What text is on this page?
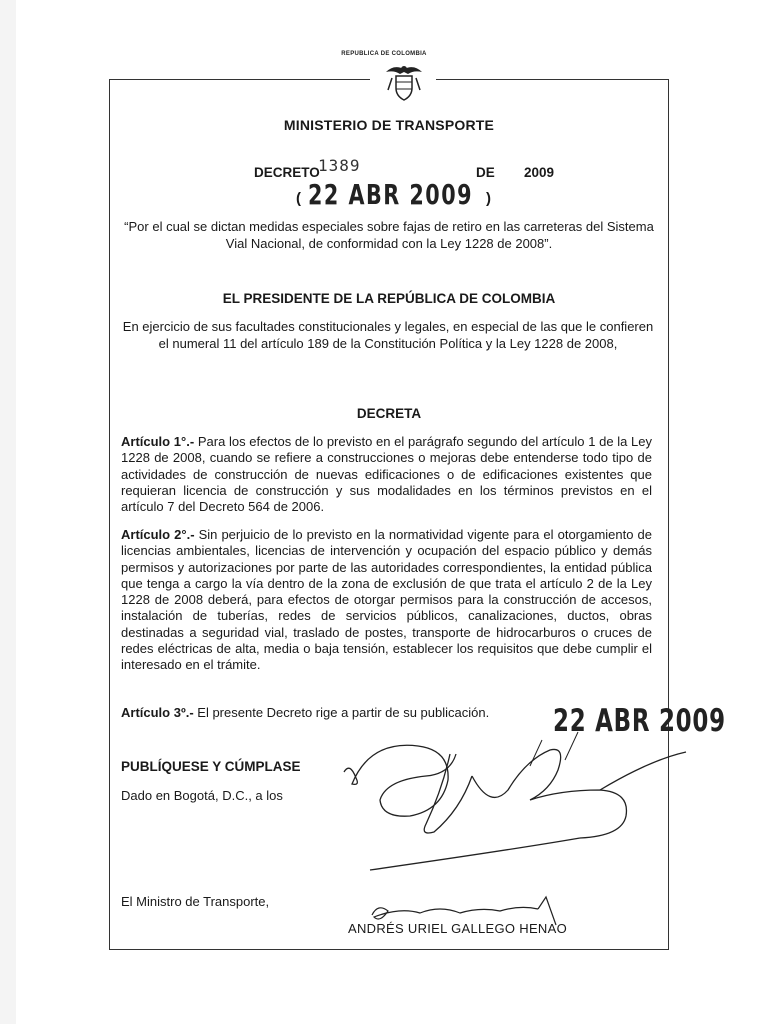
REPUBLICA DE COLOMBIA
MINISTERIO DE TRANSPORTE
DECRETO
1389	DE 2009
( 22 ABR 2009 )
“Por el cual se dictan medidas especiales sobre fajas de retiro en las carreteras del Sistema Vial Nacional, de conformidad con la Ley 1228 de 2008”.
EL PRESIDENTE DE LA REPÚBLICA DE COLOMBIA
En ejercicio de sus facultades constitucionales y legales, en especial de las que le confieren el numeral 11 del artículo 189 de la Constitución Política y la Ley 1228 de 2008,
DECRETA
Artículo 1°.- Para los efectos de lo previsto en el parágrafo segundo del artículo 1 de la Ley 1228 de 2008, cuando se refiere a construcciones o mejoras debe entenderse todo tipo de actividades de construcción de nuevas edificaciones o de edificaciones existentes que requieran licencia de construcción y sus modalidades en los términos previstos en el artículo 7 del Decreto 564 de 2006.
Artículo 2°.- Sin perjuicio de lo previsto en la normatividad vigente para el otorgamiento de licencias ambientales, licencias de intervención y ocupación del espacio público y demás permisos y autorizaciones por parte de las autoridades correspondientes, la entidad pública que tenga a cargo la vía dentro de la zona de exclusión de que trata el artículo 2 de la Ley 1228 de 2008 deberá, para efectos de otorgar permisos para la construcción de accesos, instalación de tuberías, redes de servicios públicos, canalizaciones, ductos, obras destinadas a seguridad vial, traslado de postes, transporte de hidrocarburos o cruces de redes eléctricas de alta, media o baja tensión, establecer los requisitos que debe cumplir el interesado en el trámite.
Artículo 3º.- El presente Decreto rige a partir de su publicación.	22 ABR 2009
PUBLÍQUESE Y CÚMPLASE
Dado en Bogotá, D.C., a los
El Ministro de Transporte,
ANDRÉS URIEL GALLEGO HENAO
